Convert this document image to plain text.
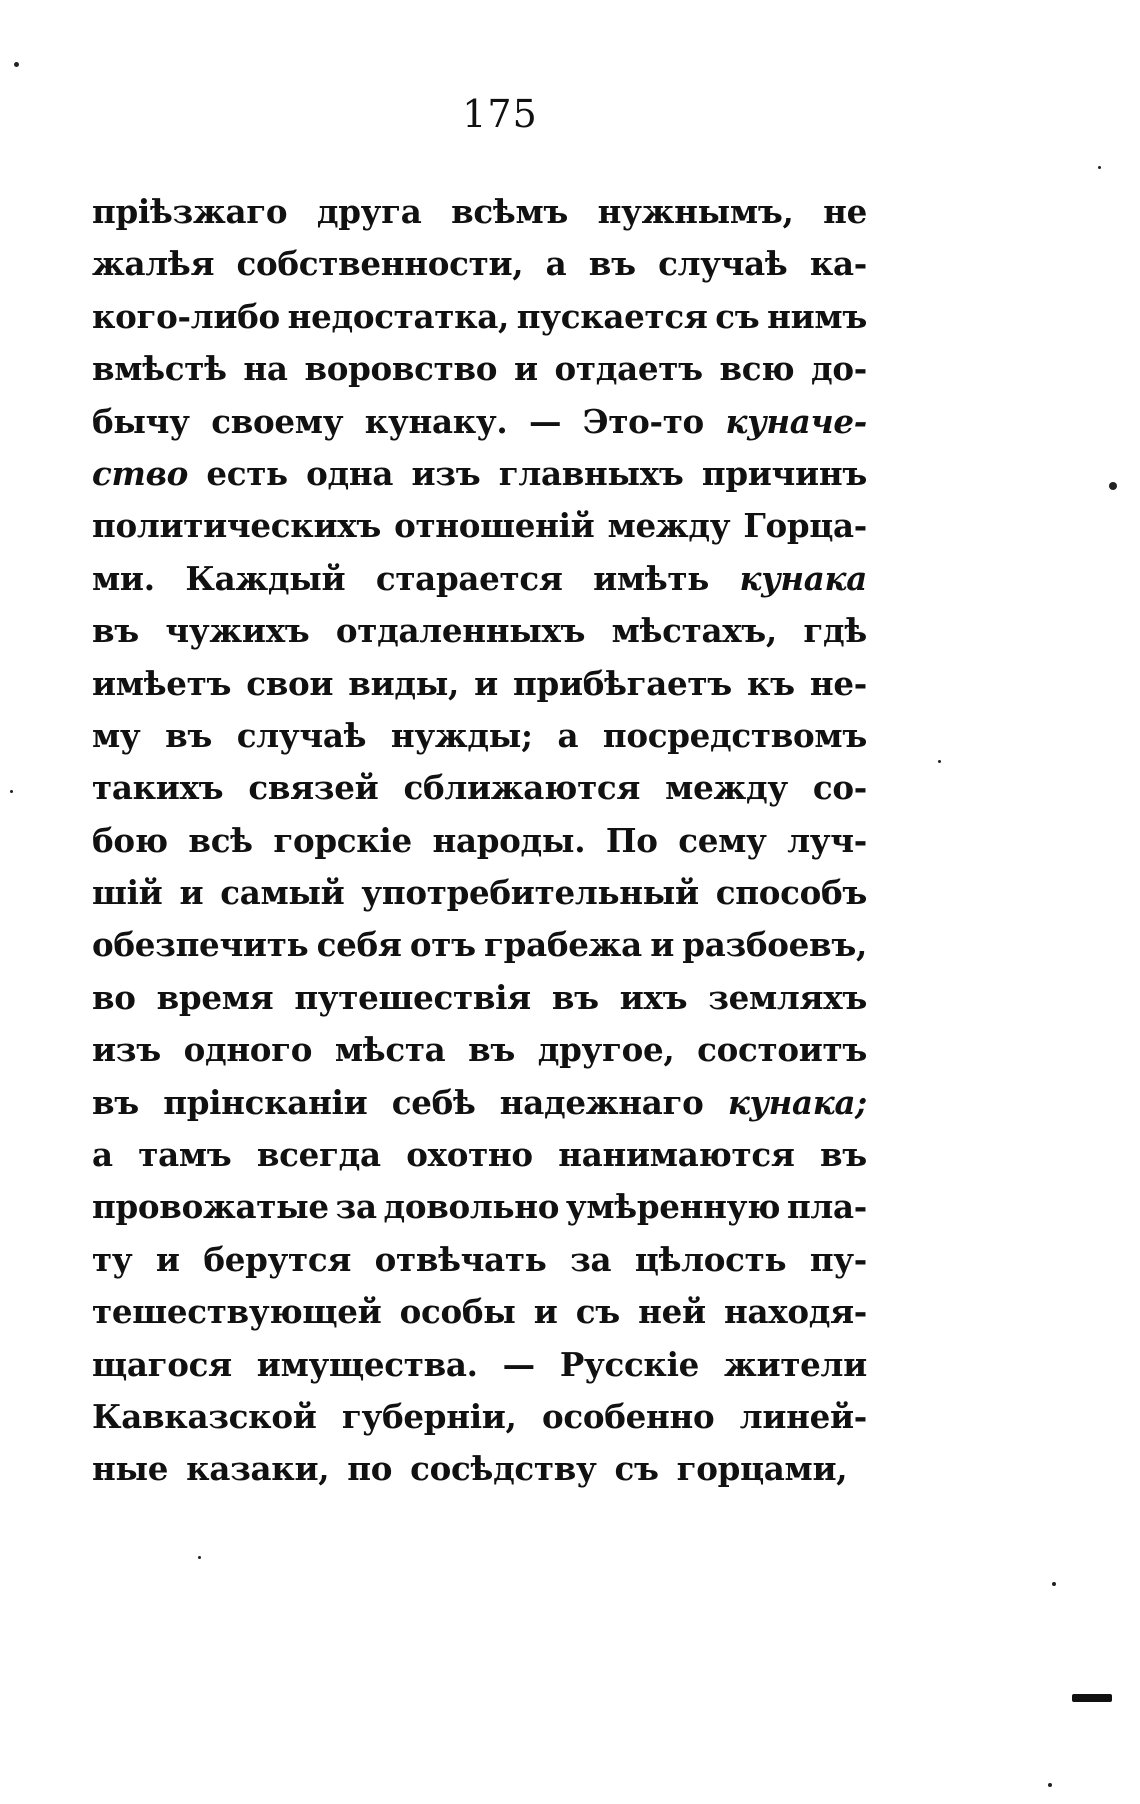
175
пріѣзжаго друга всѣмъ нужнымъ, не
жалѣя собственности, а въ случаѣ ка-
кого-либо недостатка, пускается съ нимъ
вмѣстѣ на воровство и отдаетъ всю до-
бычу своему кунаку. — Это-то куначе-
ство есть одна изъ главныхъ причинъ
политическихъ отношеній между Горца-
ми. Каждый старается имѣть кунака
въ чужихъ отдаленныхъ мѣстахъ, гдѣ
имѣетъ свои виды, и прибѣгаетъ къ не-
му въ случаѣ нужды; а посредствомъ
такихъ связей сближаются между со-
бою всѣ горскіе народы. По сему луч-
шій и самый употребительный способъ
обезпечить себя отъ грабежа и разбоевъ,
во время путешествія въ ихъ земляхъ
изъ одного мѣста въ другое, состоитъ
въ прінсканіи себѣ надежнаго кунака;
а тамъ всегда охотно нанимаются въ
провожатые за довольно умѣренную пла-
ту и берутся отвѣчать за цѣлость пу-
тешествующей особы и съ ней находя-
щагося имущества. — Русскіе жители
Кавказской губерніи, особенно линей-
ные казаки, по сосѣдству съ горцами,
